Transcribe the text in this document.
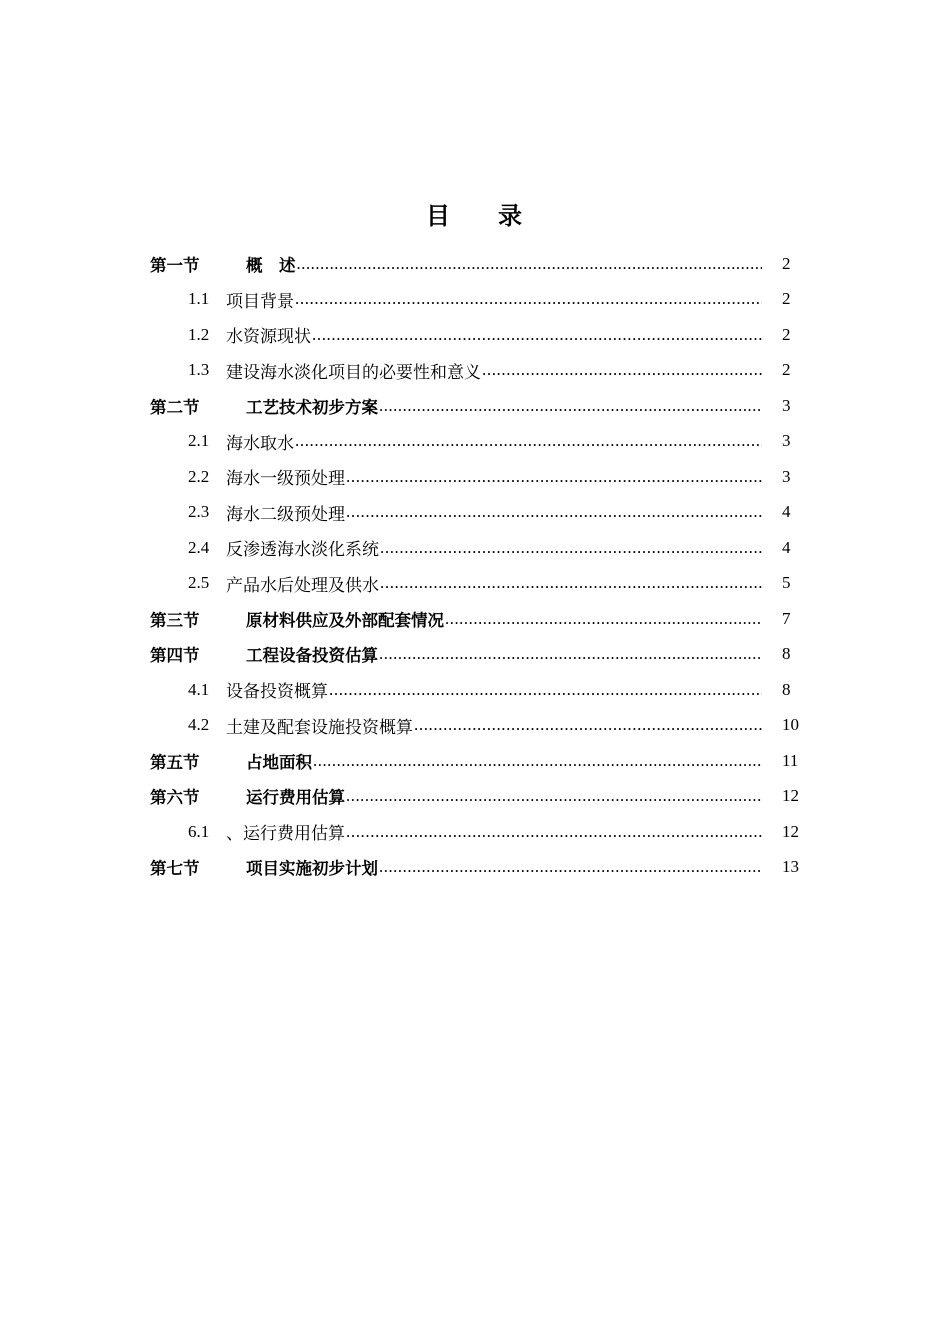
目 录
第一节	概　述 .....	2
1.1 项目背景 .....	2
1.2 水资源现状 .....	2
1.3 建设海水淡化项目的必要性和意义 .....	2
第二节	工艺技术初步方案 .....	3
2.1 海水取水 .....	3
2.2 海水一级预处理 .....	3
2.3 海水二级预处理 .....	4
2.4 反渗透海水淡化系统 .....	4
2.5 产品水后处理及供水 .....	5
第三节	原材料供应及外部配套情况 .....	7
第四节	工程设备投资估算 .....	8
4.1 设备投资概算 .....	8
4.2 土建及配套设施投资概算 .....	10
第五节	占地面积 .....	11
第六节	运行费用估算 .....	12
6.1 、运行费用估算 .....	12
第七节	项目实施初步计划 .....	13
